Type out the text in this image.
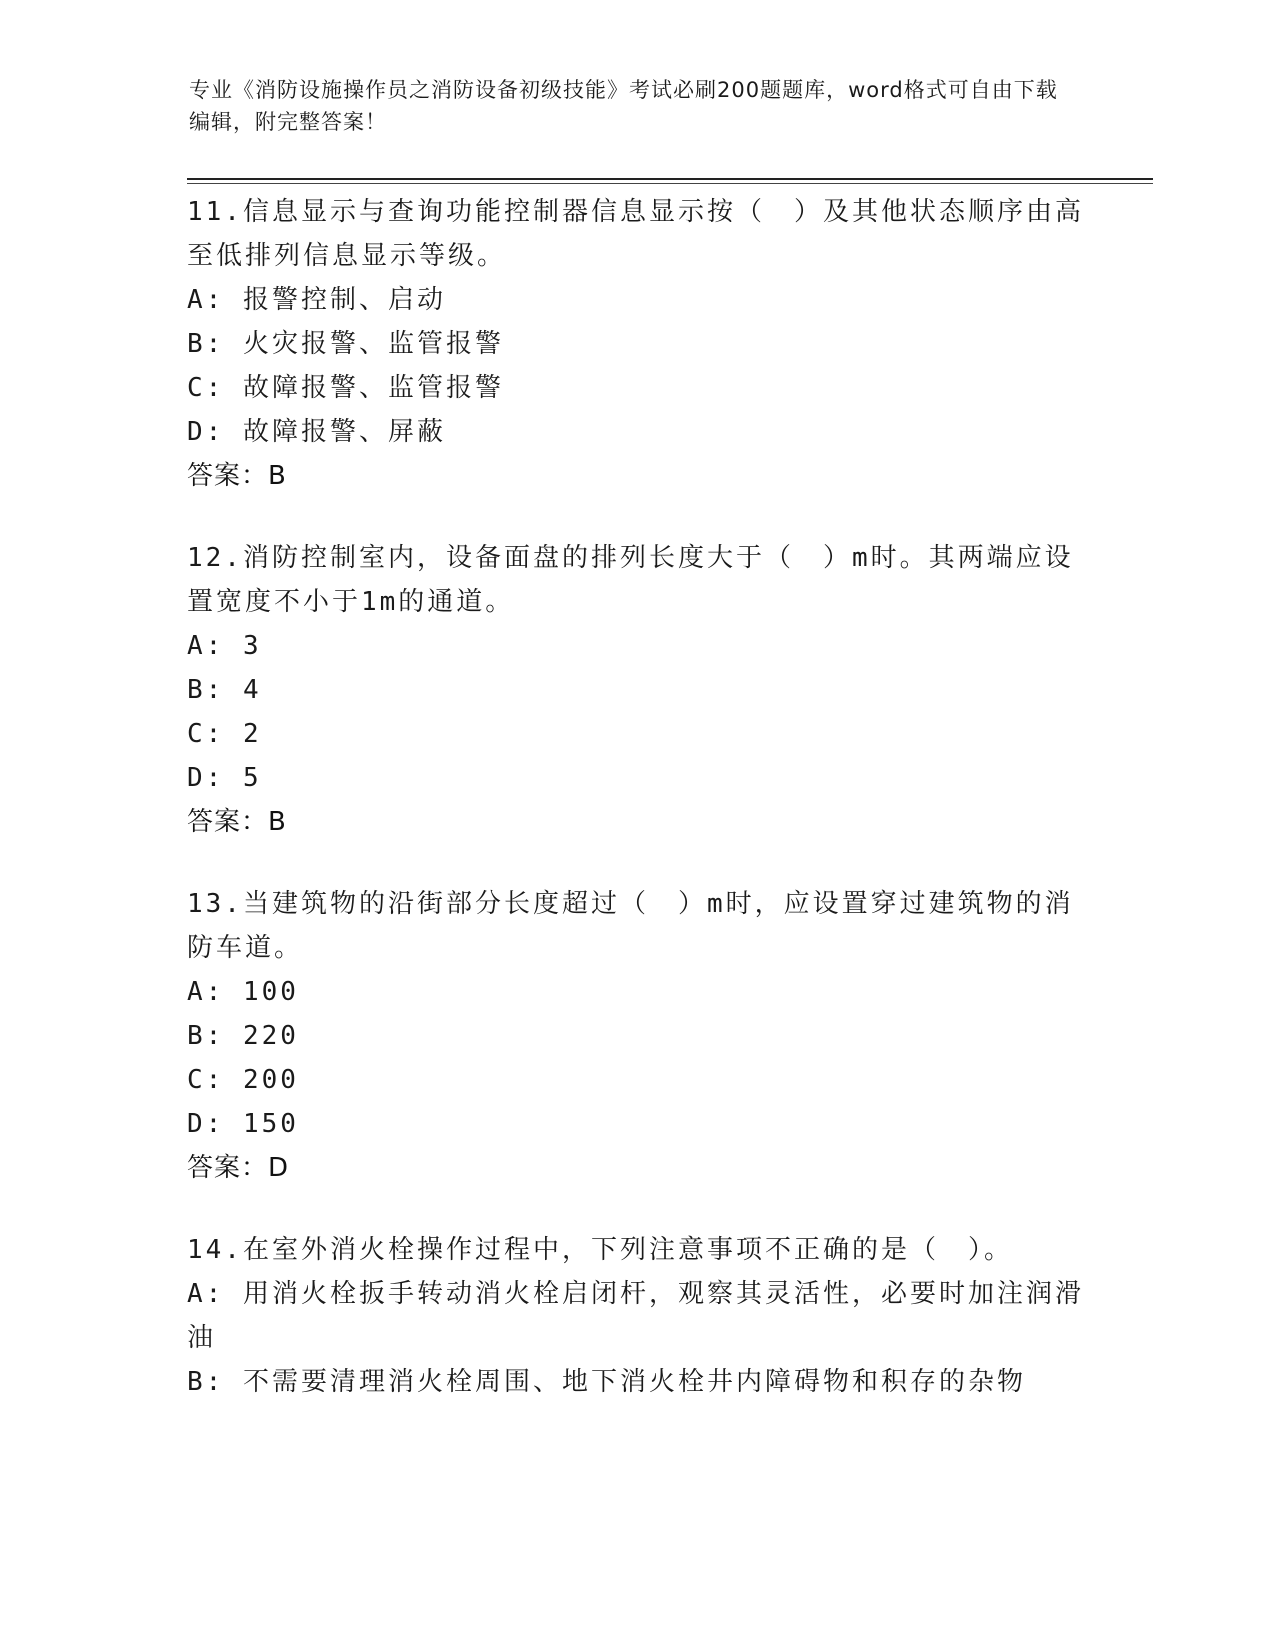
专业《消防设施操作员之消防设备初级技能》考试必刷200题题库，word格式可自由下载编辑，附完整答案！
11.信息显示与查询功能控制器信息显示按（　）及其他状态顺序由高至低排列信息显示等级。
A: 报警控制、启动
B: 火灾报警、监管报警
C: 故障报警、监管报警
D: 故障报警、屏蔽
答案：B
12.消防控制室内，设备面盘的排列长度大于（　）m时。其两端应设置宽度不小于1m的通道。
A: 3
B: 4
C: 2
D: 5
答案：B
13.当建筑物的沿街部分长度超过（　）m时，应设置穿过建筑物的消防车道。
A: 100
B: 220
C: 200
D: 150
答案：D
14.在室外消火栓操作过程中，下列注意事项不正确的是（　）。
A: 用消火栓扳手转动消火栓启闭杆，观察其灵活性，必要时加注润滑油
B: 不需要清理消火栓周围、地下消火栓井内障碍物和积存的杂物
